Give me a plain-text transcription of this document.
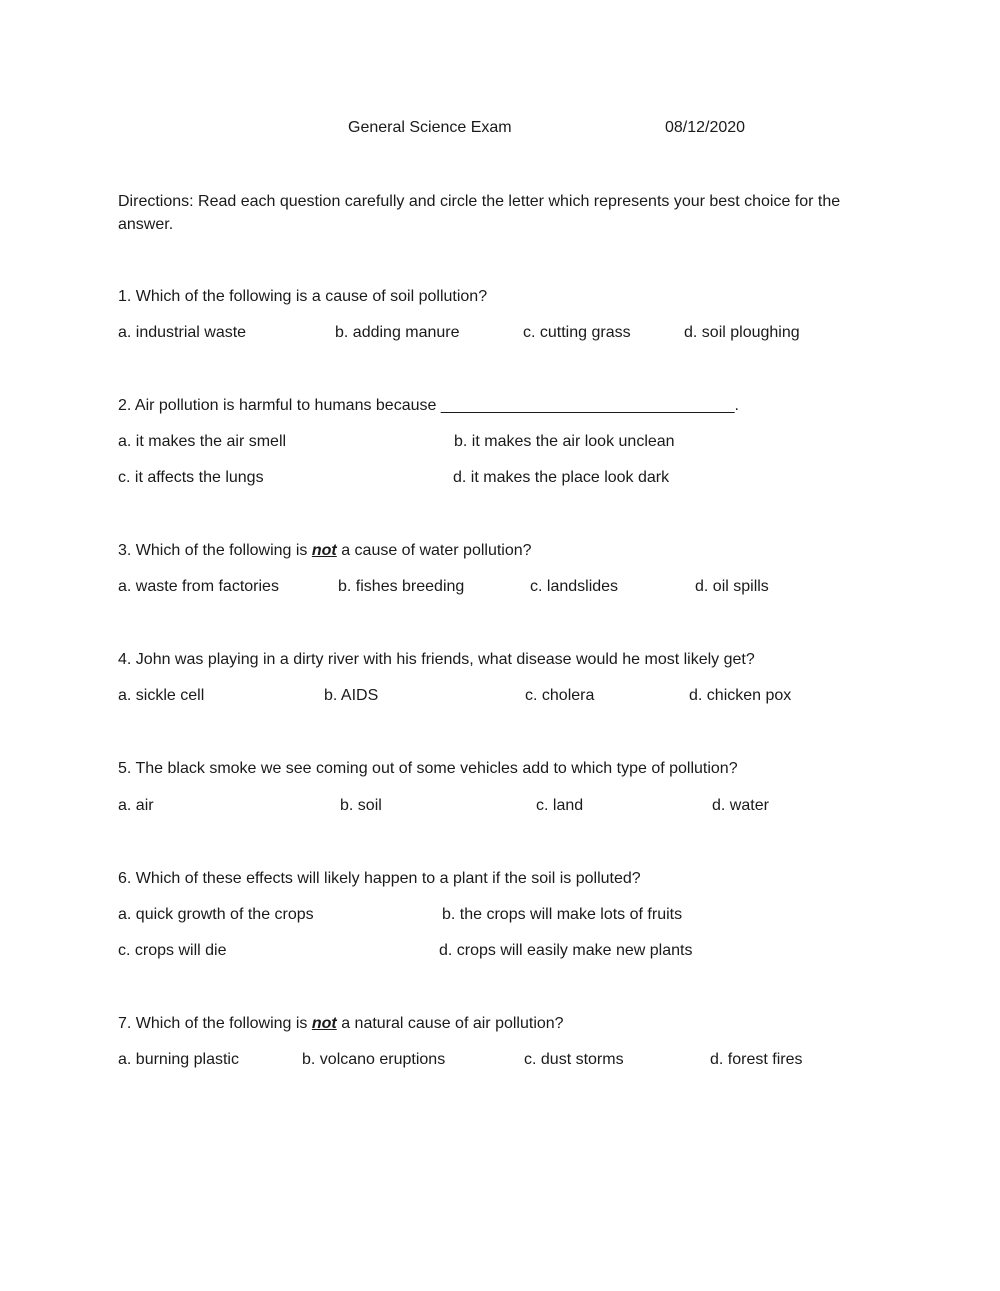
General Science Exam	08/12/2020
Directions: Read each question carefully and circle the letter which represents your best choice for the answer.
1. Which of the following is a cause of soil pollution?
a. industrial waste	b. adding manure	c. cutting grass	d. soil ploughing
2. Air pollution is harmful to humans because _________________________________.
a. it makes the air smell	b. it makes the air look unclean
c. it affects the lungs	d. it makes the place look dark
3. Which of the following is not a cause of water pollution?
a. waste from factories	b. fishes breeding	c. landslides	d. oil spills
4. John was playing in a dirty river with his friends, what disease would he most likely get?
a. sickle cell	b. AIDS	c. cholera	d. chicken pox
5. The black smoke we see coming out of some vehicles add to which type of pollution?
a. air	b. soil	c. land	d. water
6. Which of these effects will likely happen to a plant if the soil is polluted?
a. quick growth of the crops	b. the crops will make lots of fruits
c. crops will die	d. crops will easily make new plants
7. Which of the following is not a natural cause of air pollution?
a. burning plastic	b. volcano eruptions	c. dust storms	d. forest fires
